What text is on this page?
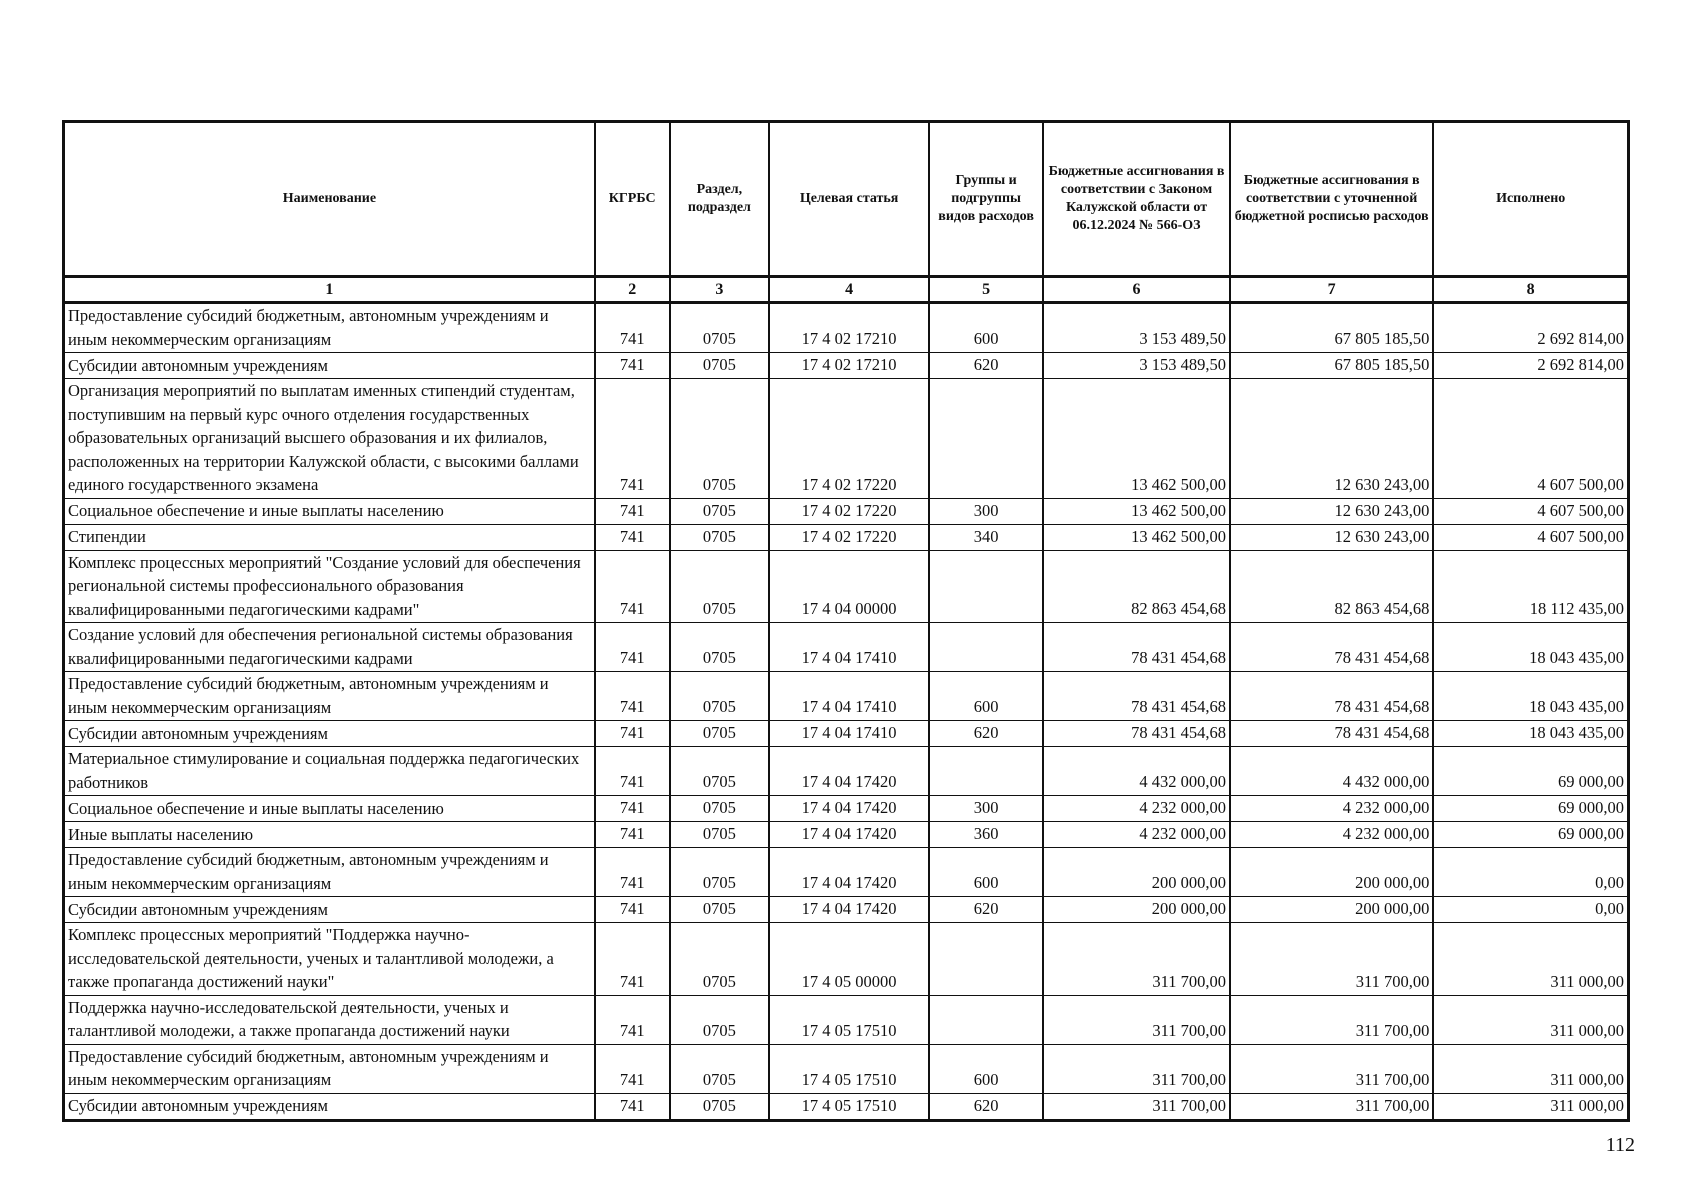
Наименование	КГРБС	Раздел, подраздел	Целевая статья	Группы и подгруппы видов расходов	Бюджетные ассигнования в соответствии с Законом Калужской области от 06.12.2024 № 566-ОЗ	Бюджетные ассигнования в соответствии с уточненной бюджетной росписью расходов	Исполнено
1	2	3	4	5	6	7	8
Предоставление субсидий бюджетным, автономным учреждениям и иным некоммерческим организациям	741	0705	17 4 02 17210	600	3 153 489,50	67 805 185,50	2 692 814,00
Субсидии автономным учреждениям	741	0705	17 4 02 17210	620	3 153 489,50	67 805 185,50	2 692 814,00
Организация мероприятий по выплатам именных стипендий студентам, поступившим на первый курс очного отделения государственных образовательных организаций высшего образования и их филиалов, расположенных на территории Калужской области, с высокими баллами единого государственного экзамена	741	0705	17 4 02 17220		13 462 500,00	12 630 243,00	4 607 500,00
Социальное обеспечение и иные выплаты населению	741	0705	17 4 02 17220	300	13 462 500,00	12 630 243,00	4 607 500,00
Стипендии	741	0705	17 4 02 17220	340	13 462 500,00	12 630 243,00	4 607 500,00
Комплекс процессных мероприятий "Создание условий для обеспечения региональной системы профессионального образования квалифицированными педагогическими кадрами"	741	0705	17 4 04 00000		82 863 454,68	82 863 454,68	18 112 435,00
Создание условий для обеспечения региональной системы образования квалифицированными педагогическими кадрами	741	0705	17 4 04 17410		78 431 454,68	78 431 454,68	18 043 435,00
Предоставление субсидий бюджетным, автономным учреждениям и иным некоммерческим организациям	741	0705	17 4 04 17410	600	78 431 454,68	78 431 454,68	18 043 435,00
Субсидии автономным учреждениям	741	0705	17 4 04 17410	620	78 431 454,68	78 431 454,68	18 043 435,00
Материальное стимулирование и социальная поддержка педагогических работников	741	0705	17 4 04 17420		4 432 000,00	4 432 000,00	69 000,00
Социальное обеспечение и иные выплаты населению	741	0705	17 4 04 17420	300	4 232 000,00	4 232 000,00	69 000,00
Иные выплаты населению	741	0705	17 4 04 17420	360	4 232 000,00	4 232 000,00	69 000,00
Предоставление субсидий бюджетным, автономным учреждениям и иным некоммерческим организациям	741	0705	17 4 04 17420	600	200 000,00	200 000,00	0,00
Субсидии автономным учреждениям	741	0705	17 4 04 17420	620	200 000,00	200 000,00	0,00
Комплекс процессных мероприятий "Поддержка научно-исследовательской деятельности, ученых и талантливой молодежи, а также пропаганда достижений науки"	741	0705	17 4 05 00000		311 700,00	311 700,00	311 000,00
Поддержка научно-исследовательской деятельности, ученых и талантливой молодежи, а также пропаганда достижений науки	741	0705	17 4 05 17510		311 700,00	311 700,00	311 000,00
Предоставление субсидий бюджетным, автономным учреждениям и иным некоммерческим организациям	741	0705	17 4 05 17510	600	311 700,00	311 700,00	311 000,00
Субсидии автономным учреждениям	741	0705	17 4 05 17510	620	311 700,00	311 700,00	311 000,00
112
